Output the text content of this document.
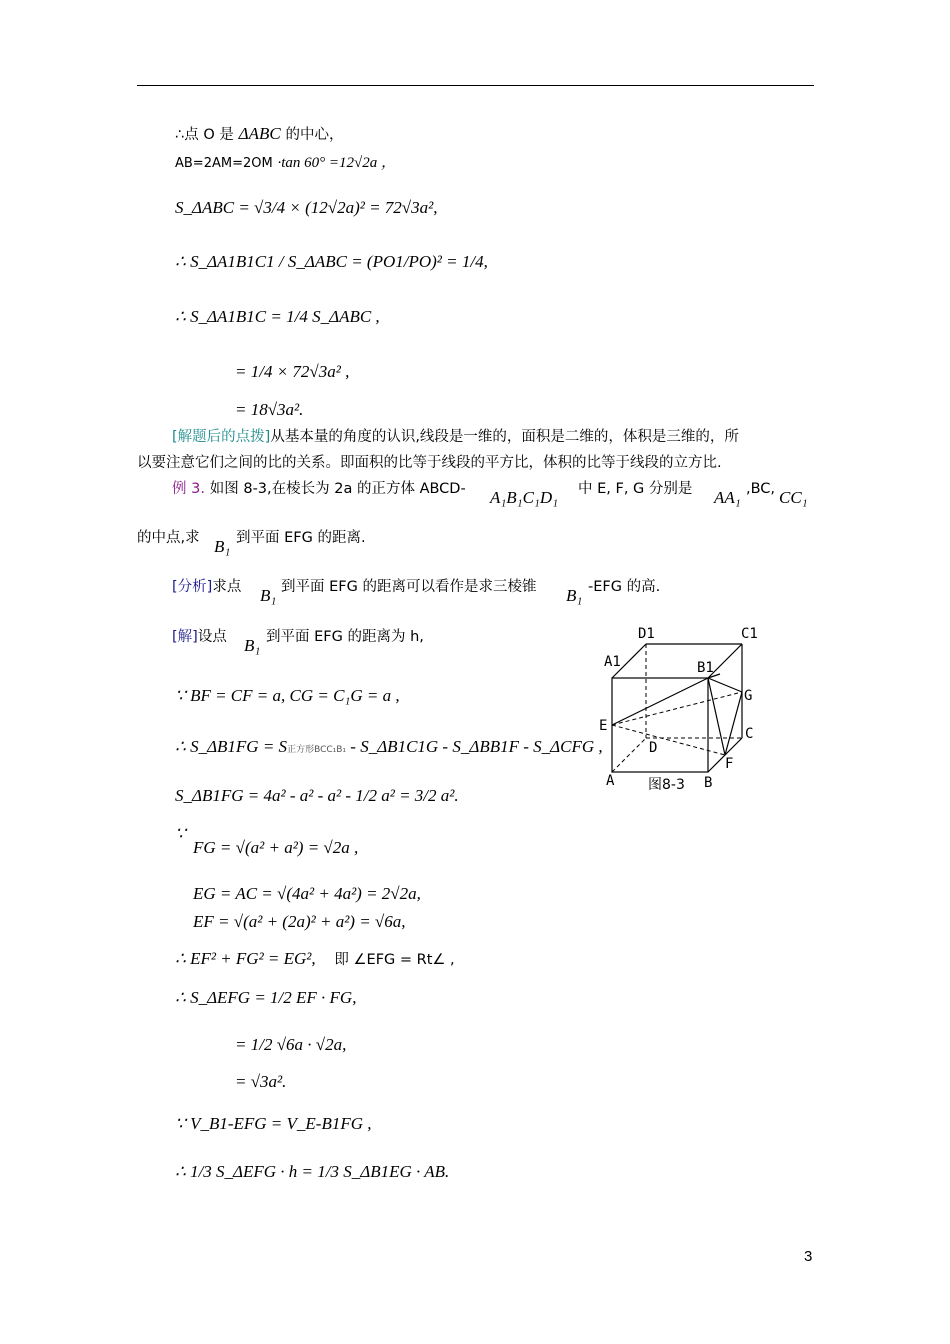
∴点 O 是 ΔABC 的中心，
AB=2AM=2OM ·tan 60° =12√2a ，
S_ΔABC = √3/4 × (12√2a)² = 72√3a²,
∴ S_ΔA1B1C1 / S_ΔABC = (PO1/PO)² = 1/4,
∴ S_ΔA1B1C = 1/4 S_ΔABC ,
= 1/4 × 72√3a² ,
= 18√3a².
[解题后的点拨]从基本量的角度的认识,线段是一维的，面积是二维的，体积是三维的，所
以要注意它们之间的比的关系。即面积的比等于线段的平方比，体积的比等于线段的立方比.
例 3. 如图 8-3,在棱长为 2a 的正方体 ABCD- A₁B₁C₁D₁ 中 E, F, G 分别是 AA₁ ,BC, CC₁
的中点,求 B₁ 到平面 EFG 的距离.
[分析]求点 B₁ 到平面 EFG 的距离可以看作是求三棱锥 B₁ -EFG 的高.
[解]设点 B₁ 到平面 EFG 的距离为 h,
∵ BF = CF = a, CG = C₁G = a ,
∴ S_ΔB1FG = S正方形BCC₁B₁ - S_ΔB1C1G - S_ΔBB1F - S_ΔCFG ,
S_ΔB1FG = 4a² - a² - a² - 1/2 a² = 3/2 a².
∵
FG = √(a² + a²) = √2a ,
EG = AC = √(4a² + 4a²) = 2√2a,
EF = √(a² + (2a)² + a²) = √6a,
∴ EF² + FG² = EG², 即 ∠EFG = Rt∠ ,
∴ S_ΔEFG = 1/2 EF · FG,
= 1/2 √6a · √2a,
= √3a².
∵ V_B1-EFG = V_E-B1FG ,
∴ 1/3 S_ΔEFG · h = 1/3 S_ΔB1EG · AB.
D1	C1
A1	B1
G
E
D
C
F
A	B
图8-3
3
